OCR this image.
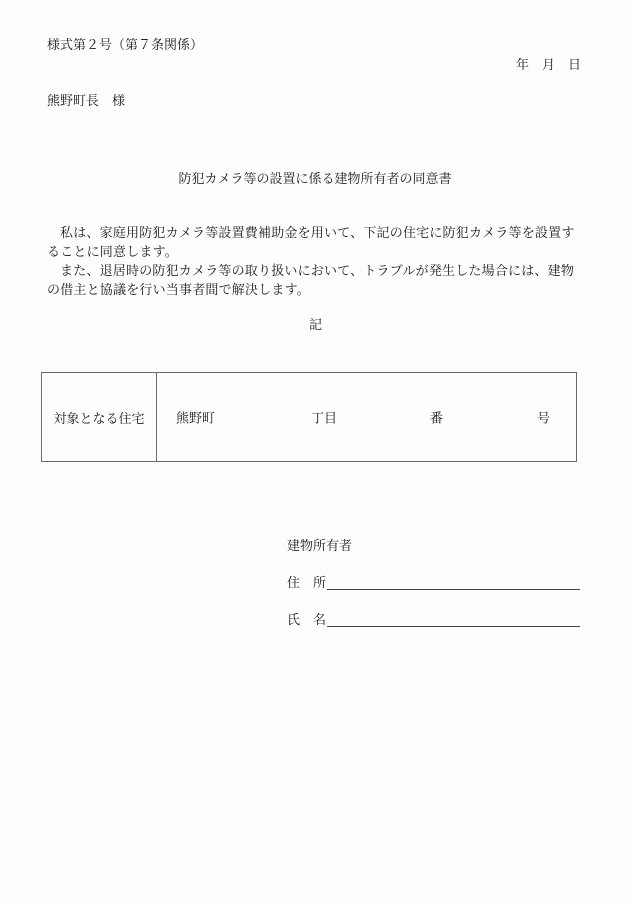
様式第２号（第７条関係）
年　月　日
熊野町長　様
防犯カメラ等の設置に係る建物所有者の同意書

私は、家庭用防犯カメラ等設置費補助金を用いて、下記の住宅に防犯カメラ等を設置す

ることに同意します。

また、退居時の防犯カメラ等の取り扱いにおいて、トラブルが発生した場合には、建物

の借主と協議を行い当事者間で解決します。

記
対象となる住宅	熊野町	丁目	番	号
建物所有者
住　所
氏　名
